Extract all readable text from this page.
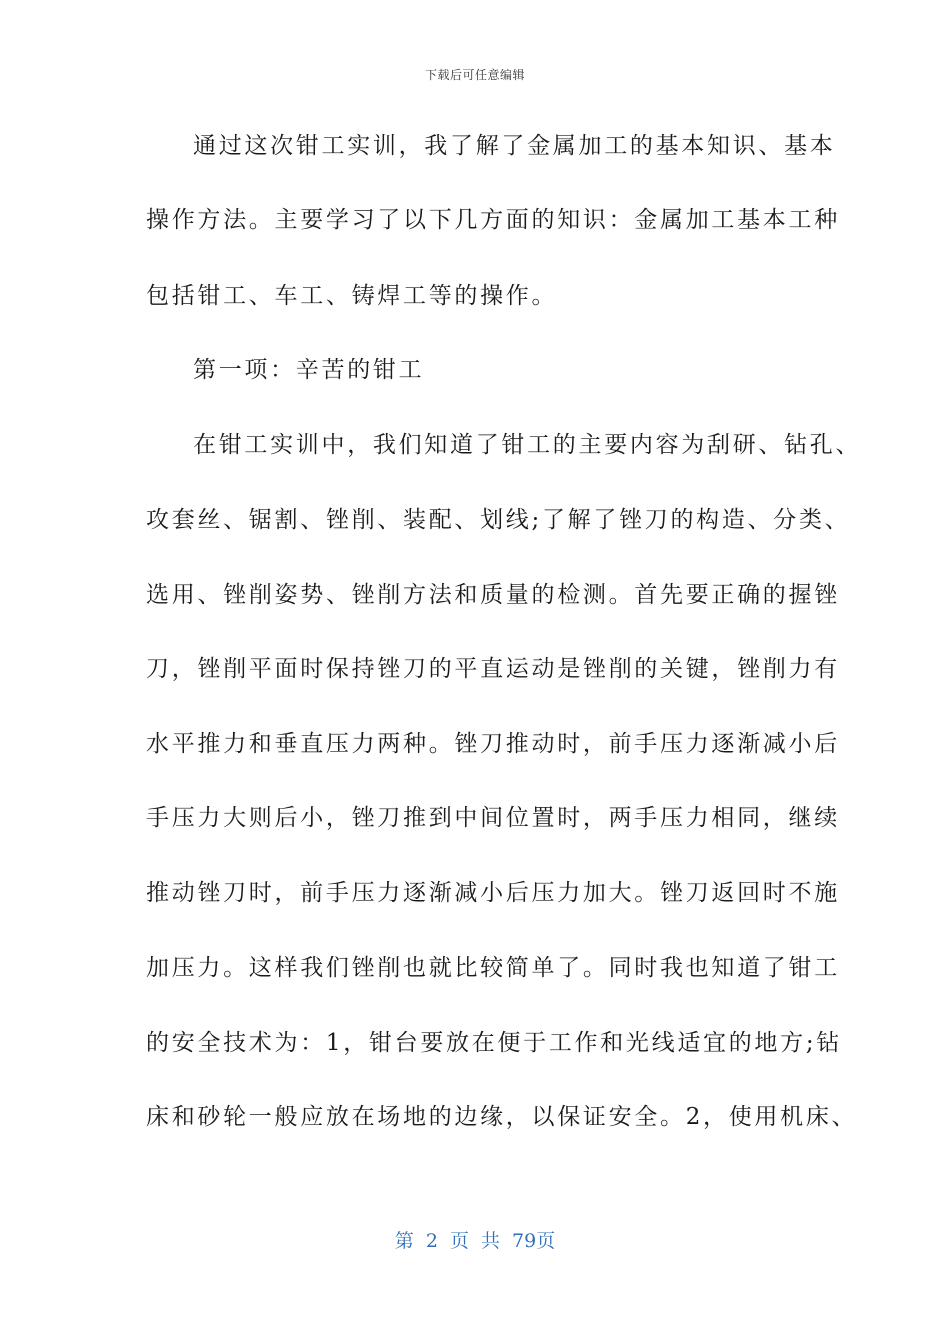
下载后可任意编辑
通过这次钳工实训，我了解了金属加工的基本知识、基本
操作方法。主要学习了以下几方面的知识：金属加工基本工种
包括钳工、车工、铸焊工等的操作。
第一项：辛苦的钳工
在钳工实训中，我们知道了钳工的主要内容为刮研、钻孔、
攻套丝、锯割、锉削、装配、划线;了解了锉刀的构造、分类、
选用、锉削姿势、锉削方法和质量的检测。首先要正确的握锉
刀，锉削平面时保持锉刀的平直运动是锉削的关键，锉削力有
水平推力和垂直压力两种。锉刀推动时，前手压力逐渐减小后
手压力大则后小，锉刀推到中间位置时，两手压力相同，继续
推动锉刀时，前手压力逐渐减小后压力加大。锉刀返回时不施
加压力。这样我们锉削也就比较简单了。同时我也知道了钳工
的安全技术为：1，钳台要放在便于工作和光线适宜的地方;钻
床和砂轮一般应放在场地的边缘，以保证安全。2，使用机床、
第 2 页 共 79页
